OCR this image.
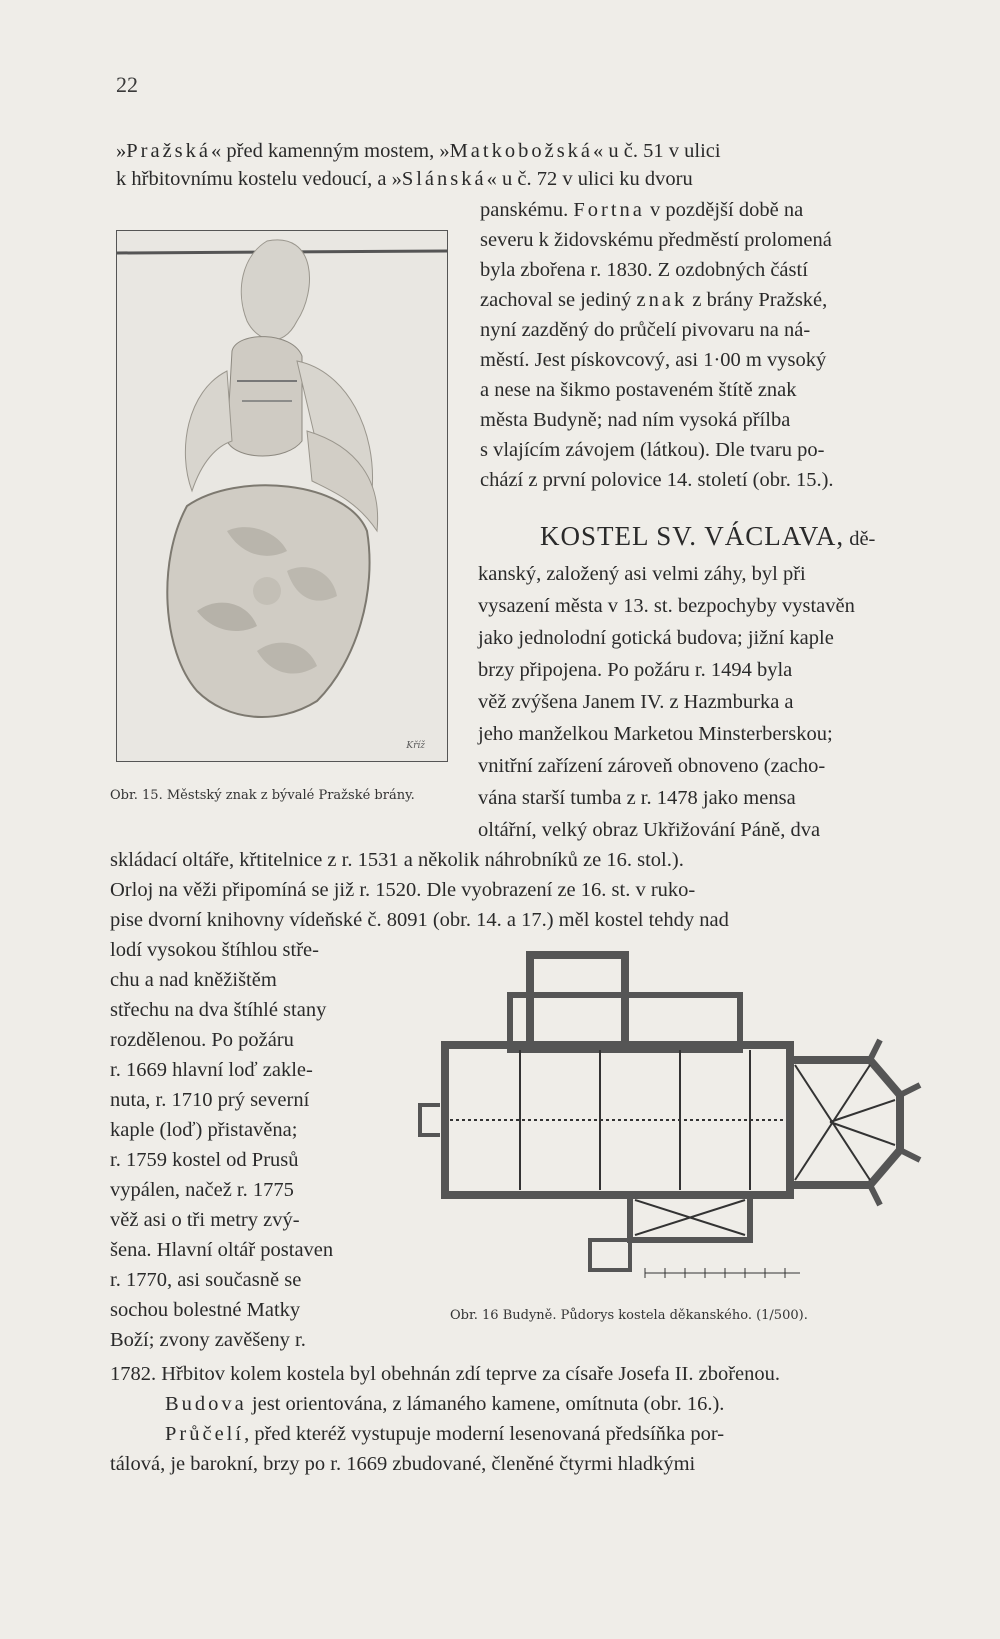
22
Kříž
Obr. 15. Městský znak z bývalé Pražské brány.
Obr. 16 Budyně. Půdorys kostela děkanského. (1/500).
»Pražská« před kamenným mostem, »Matkobožská« u č. 51 v ulici
k hřbitovnímu kostelu vedoucí, a »Slánská« u č. 72 v ulici ku dvoru
panskému. Fortna v pozdější době na
severu k židovskému předměstí prolomená
byla zbořena r. 1830. Z ozdobných částí
zachoval se jediný znak z brány Pražské,
nyní zazděný do průčelí pivovaru na ná-
městí. Jest pískovcový, asi 1·00 m vysoký
a nese na šikmo postaveném štítě znak
města Budyně; nad ním vysoká přílba
s vlajícím závojem (látkou). Dle tvaru po-
chází z první polovice 14. století (obr. 15.).
KOSTEL SV. VÁCLAVA, dě-
kanský, založený asi velmi záhy, byl při
vysazení města v 13. st. bezpochyby vystavěn
jako jednolodní gotická budova; jižní kaple
brzy připojena. Po požáru r. 1494 byla
věž zvýšena Janem IV. z Hazmburka a
jeho manželkou Marketou Minsterberskou;
vnitřní zařízení zároveň obnoveno (zacho-
vána starší tumba z r. 1478 jako mensa
oltářní, velký obraz Ukřižování Páně, dva
skládací oltáře, křtitelnice z r. 1531 a několik náhrobníků ze 16. stol.).
Orloj na věži připomíná se již r. 1520. Dle vyobrazení ze 16. st. v ruko-
pise dvorní knihovny vídeňské č. 8091 (obr. 14. a 17.) měl kostel tehdy nad
lodí vysokou štíhlou stře-
chu a nad kněžištěm
střechu na dva štíhlé stany
rozdělenou. Po požáru
r. 1669 hlavní loď zakle-
nuta, r. 1710 prý severní
kaple (loď) přistavěna;
r. 1759 kostel od Prusů
vypálen, načež r. 1775
věž asi o tři metry zvý-
šena. Hlavní oltář postaven
r. 1770, asi současně se
sochou bolestné Matky
Boží; zvony zavěšeny r.
1782. Hřbitov kolem kostela byl obehnán zdí teprve za císaře Josefa II. zbořenou.
Budova jest orientována, z lámaného kamene, omítnuta (obr. 16.).
Průčelí, před kteréž vystupuje moderní lesenovaná předsíňka por-
tálová, je barokní, brzy po r. 1669 zbudované, členěné čtyrmi hladkými
